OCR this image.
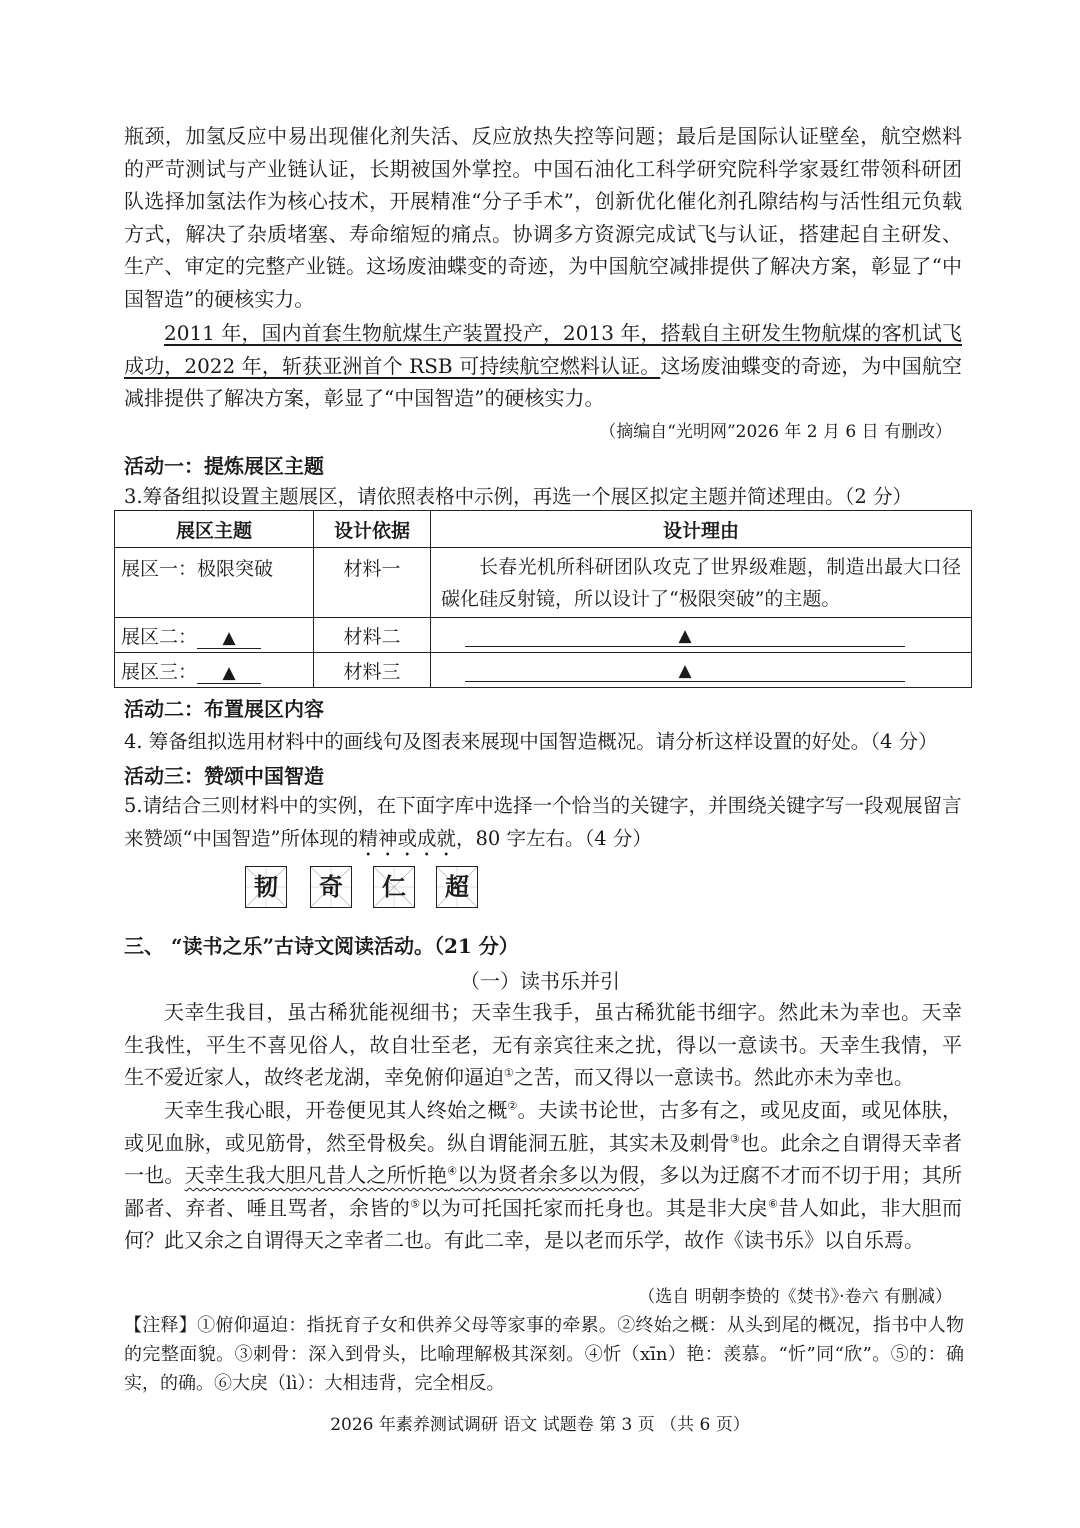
瓶颈，加氢反应中易出现催化剂失活、反应放热失控等问题；最后是国际认证壁垒，航空燃料的严苛测试与产业链认证，长期被国外掌控。中国石油化工科学研究院科学家聂红带领科研团队选择加氢法作为核心技术，开展精准“分子手术”，创新优化催化剂孔隙结构与活性组元负载方式，解决了杂质堵塞、寿命缩短的痛点。协调多方资源完成试飞与认证，搭建起自主研发、生产、审定的完整产业链。这场废油蝶变的奇迹，为中国航空减排提供了解决方案，彰显了“中国智造”的硬核实力。
2011 年，国内首套生物航煤生产装置投产，2013 年，搭载自主研发生物航煤的客机试飞成功，2022 年，斩获亚洲首个 RSB 可持续航空燃料认证。这场废油蝶变的奇迹，为中国航空减排提供了解决方案，彰显了“中国智造”的硬核实力。
（摘编自“光明网”2026 年 2 月 6 日 有删改）
活动一：提炼展区主题
3.筹备组拟设置主题展区，请依照表格中示例，再选一个展区拟定主题并简述理由。（2 分）
展区主题	设计依据	设计理由
展区一：极限突破	材料一	长春光机所科研团队攻克了世界级难题，制造出最大口径碳化硅反射镜，所以设计了“极限突破”的主题。
展区二： ▲	材料二	▲
展区三： ▲	材料三	▲
活动二：布置展区内容
4. 筹备组拟选用材料中的画线句及图表来展现中国智造概况。请分析这样设置的好处。（4 分）
活动三：赞颂中国智造
5.请结合三则材料中的实例，在下面字库中选择一个恰当的关键字，并围绕关键字写一段观展留言来赞颂“中国智造”所体现的精神或成就，80 字左右。（4 分）
韧	奇	仁	超
三、 “读书之乐”古诗文阅读活动。（21 分）
（一）读书乐并引
天幸生我目，虽古稀犹能视细书；天幸生我手，虽古稀犹能书细字。然此未为幸也。天幸生我性，平生不喜见俗人，故自壮至老，无有亲宾往来之扰，得以一意读书。天幸生我情，平生不爱近家人，故终老龙湖，幸免俯仰逼迫①之苦，而又得以一意读书。然此亦未为幸也。
天幸生我心眼，开卷便见其人终始之概②。夫读书论世，古多有之，或见皮面，或见体肤，或见血脉，或见筋骨，然至骨极矣。纵自谓能洞五脏，其实未及刺骨③也。此余之自谓得天幸者一也。天幸生我大胆凡昔人之所忻艳④以为贤者余多以为假，多以为迂腐不才而不切于用；其所鄙者、弃者、唾且骂者，余皆的⑤以为可托国托家而托身也。其是非大戾⑥昔人如此，非大胆而何？此又余之自谓得天之幸者二也。有此二幸，是以老而乐学，故作《读书乐》以自乐焉。
（选自 明朝李贽的《焚书》·卷六 有删减）
【注释】①俯仰逼迫：指抚育子女和供养父母等家事的牵累。②终始之概：从头到尾的概况，指书中人物的完整面貌。③刺骨：深入到骨头，比喻理解极其深刻。④忻（xīn）艳：羡慕。“忻”同“欣”。⑤的：确实，的确。⑥大戾（lì）：大相违背，完全相反。
2026 年素养测试调研 语文 试题卷 第 3 页 （共 6 页）
